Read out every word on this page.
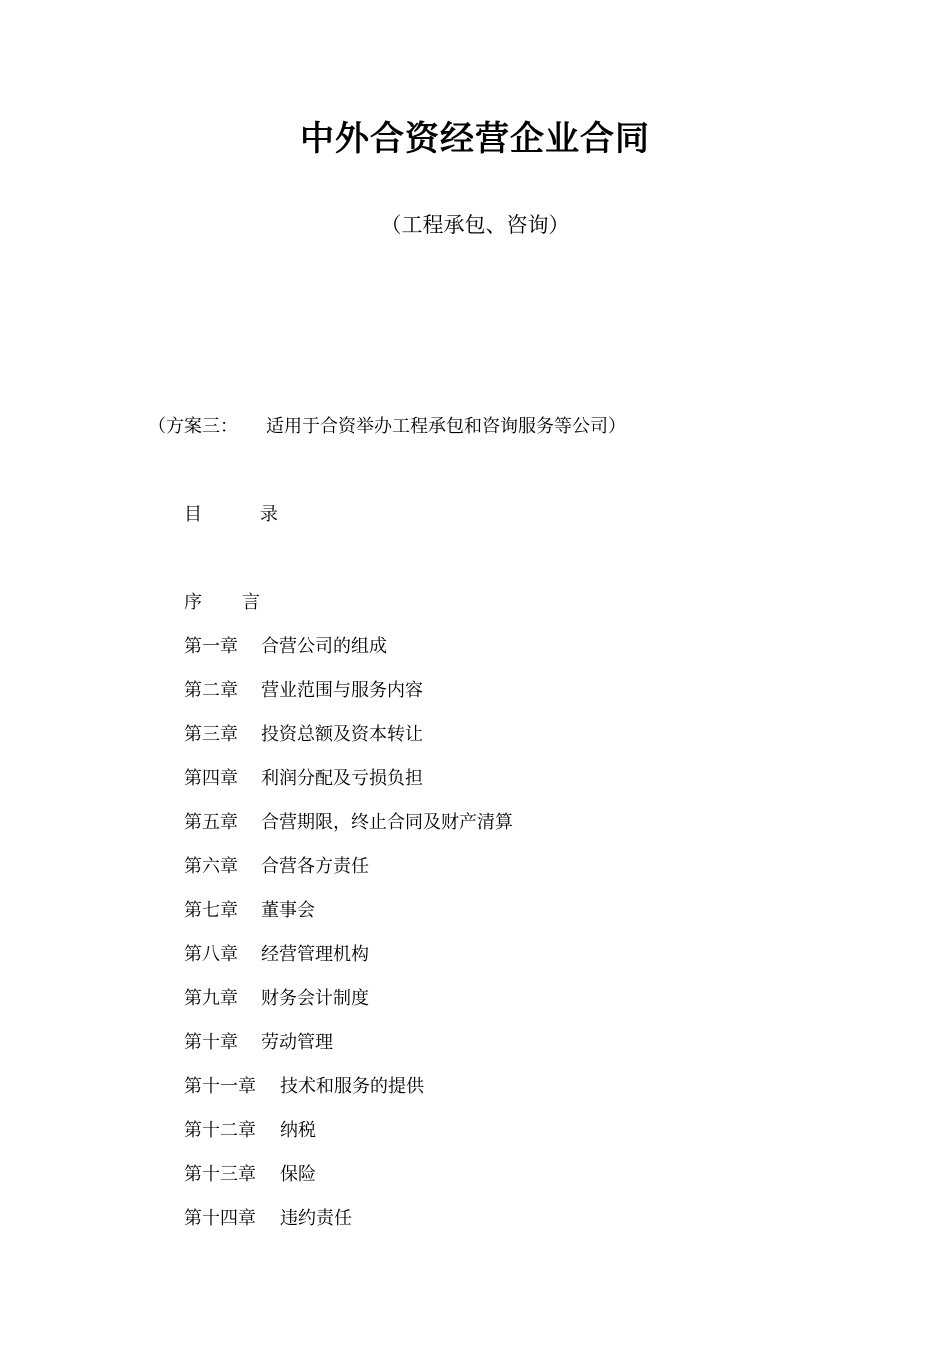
中外合资经营企业合同
（工程承包、咨询）
（方案三： 适用于合资举办工程承包和咨询服务等公司）
目	录
序 言
第一章 合营公司的组成
第二章 营业范围与服务内容
第三章 投资总额及资本转让
第四章 利润分配及亏损负担
第五章 合营期限，终止合同及财产清算
第六章 合营各方责任
第七章 董事会
第八章 经营管理机构
第九章 财务会计制度
第十章 劳动管理
第十一章 技术和服务的提供
第十二章 纳税
第十三章 保险
第十四章 违约责任
